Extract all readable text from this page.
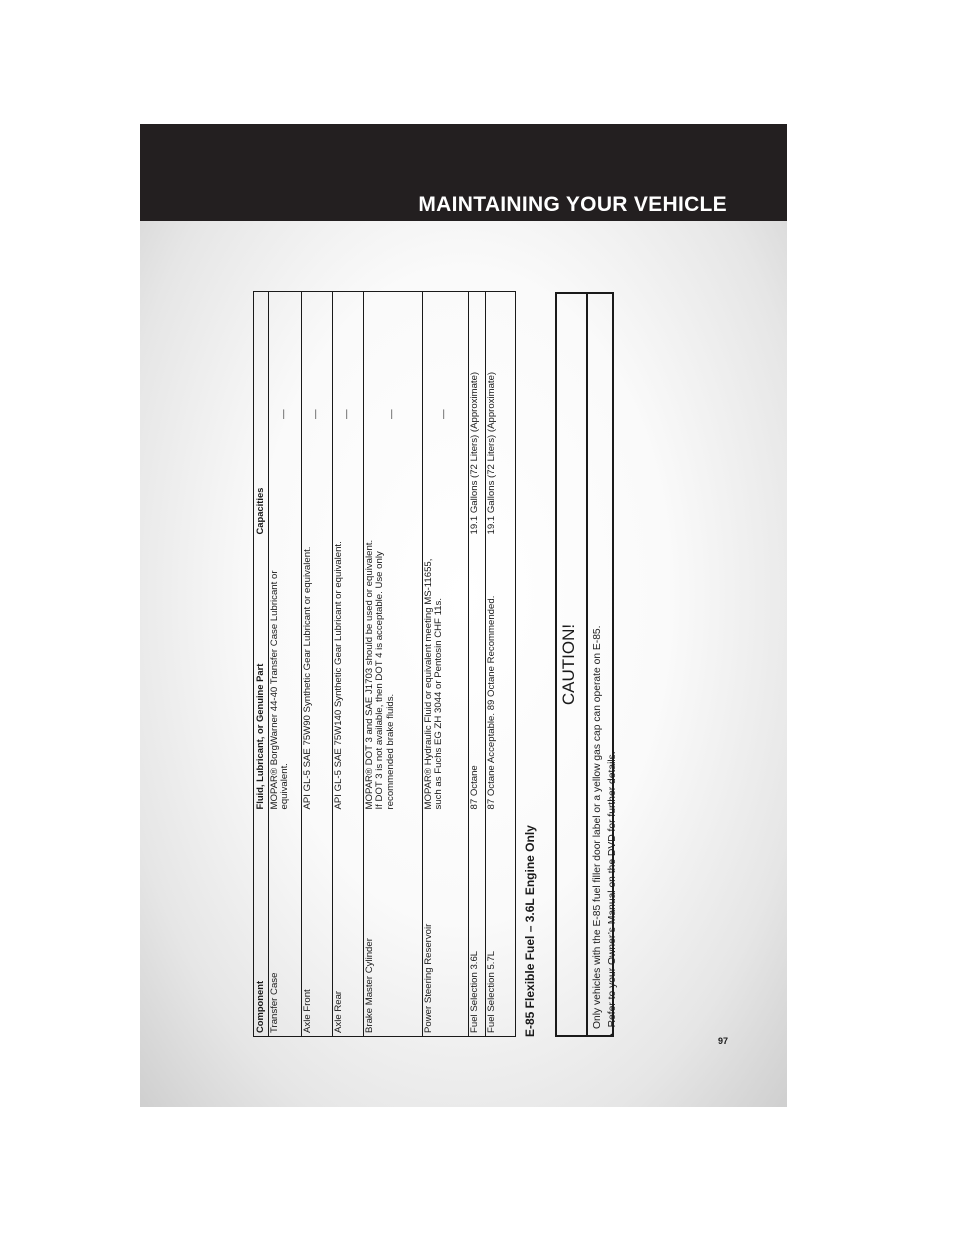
MAINTAINING YOUR VEHICLE
97
Component	Fluid, Lubricant, or Genuine Part	Capacities
Transfer Case	MOPAR® BorgWarner 44-40 Transfer Case Lubricant or equivalent.	—
Axle Front	API GL-5 SAE 75W90 Synthetic Gear Lubricant or equivalent.	—
Axle Rear	API GL-5 SAE 75W140 Synthetic Gear Lubricant or equivalent.	—
Brake Master Cylinder	MOPAR® DOT 3 and SAE J1703 should be used or equivalent. If DOT 3 is not available, then DOT 4 is acceptable. Use only recommended brake fluids.	—
Power Steering Reservoir	MOPAR® Hydraulic Fluid or equivalent meeting MS-11655, such as Fuchs EG ZH 3044 or Pentosin CHF 11s.	—
Fuel Selection 3.6L	87 Octane	19.1 Gallons (72 Liters) (Approximate)
Fuel Selection 5.7L	87 Octane Acceptable. 89 Octane Recommended.	19.1 Gallons (72 Liters) (Approximate)
E-85 Flexible Fuel – 3.6L Engine Only
CAUTION! Only vehicles with the E-85 fuel filler door label or a yellow gas cap can operate on E-85.
•Refer to your Owner’s Manual on the DVD for further details.
